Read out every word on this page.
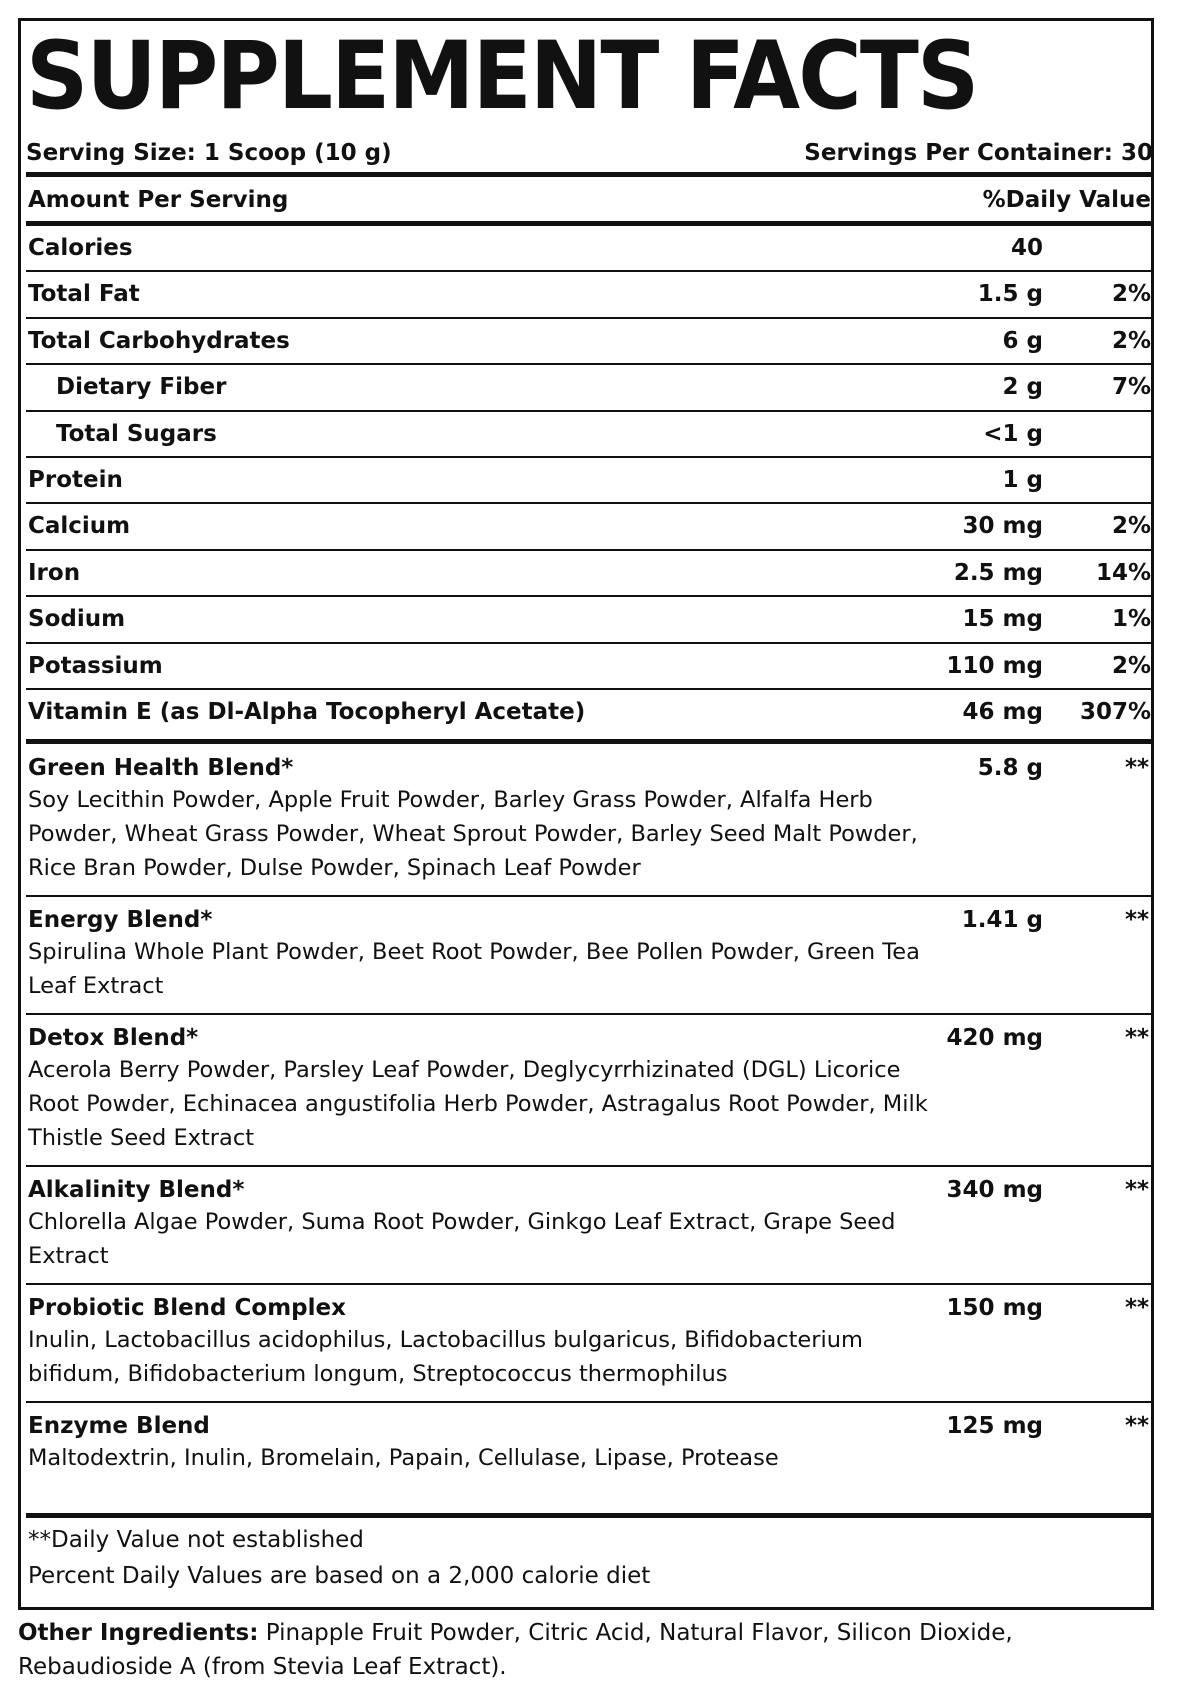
SUPPLEMENT FACTS
Serving Size: 1 Scoop (10 g)	Servings Per Container: 30
Amount Per Serving	%Daily Value
Calories	40
Total Fat	1.5 g	2%
Total Carbohydrates	6 g	2%
Dietary Fiber	2 g	7%
Total Sugars	<1 g
Protein	1 g
Calcium	30 mg	2%
Iron	2.5 mg 14%
Sodium	15 mg	1%
Potassium	110 mg	2%
Vitamin E (as Dl-Alpha Tocopheryl Acetate)	46 mg 307%
Green Health Blend*	5.8 g	**
Soy Lecithin Powder, Apple Fruit Powder, Barley Grass Powder, Alfalfa Herb Powder, Wheat Grass Powder, Wheat Sprout Powder, Barley Seed Malt Powder, Rice Bran Powder, Dulse Powder, Spinach Leaf Powder
Energy Blend*	1.41 g	**
Spirulina Whole Plant Powder, Beet Root Powder, Bee Pollen Powder, Green Tea Leaf Extract
Detox Blend*	420 mg	**
Acerola Berry Powder, Parsley Leaf Powder, Deglycyrrhizinated (DGL) Licorice Root Powder, Echinacea angustifolia Herb Powder, Astragalus Root Powder, Milk Thistle Seed Extract
Alkalinity Blend*	340 mg	**
Chlorella Algae Powder, Suma Root Powder, Ginkgo Leaf Extract, Grape Seed Extract
Probiotic Blend Complex	150 mg	**
Inulin, Lactobacillus acidophilus, Lactobacillus bulgaricus, Bifidobacterium bifidum, Bifidobacterium longum, Streptococcus thermophilus
Enzyme Blend	125 mg	**
Maltodextrin, Inulin, Bromelain, Papain, Cellulase, Lipase, Protease
**Daily Value not established
Percent Daily Values are based on a 2,000 calorie diet
Other Ingredients: Pinapple Fruit Powder, Citric Acid, Natural Flavor, Silicon Dioxide, Rebaudioside A (from Stevia Leaf Extract).
